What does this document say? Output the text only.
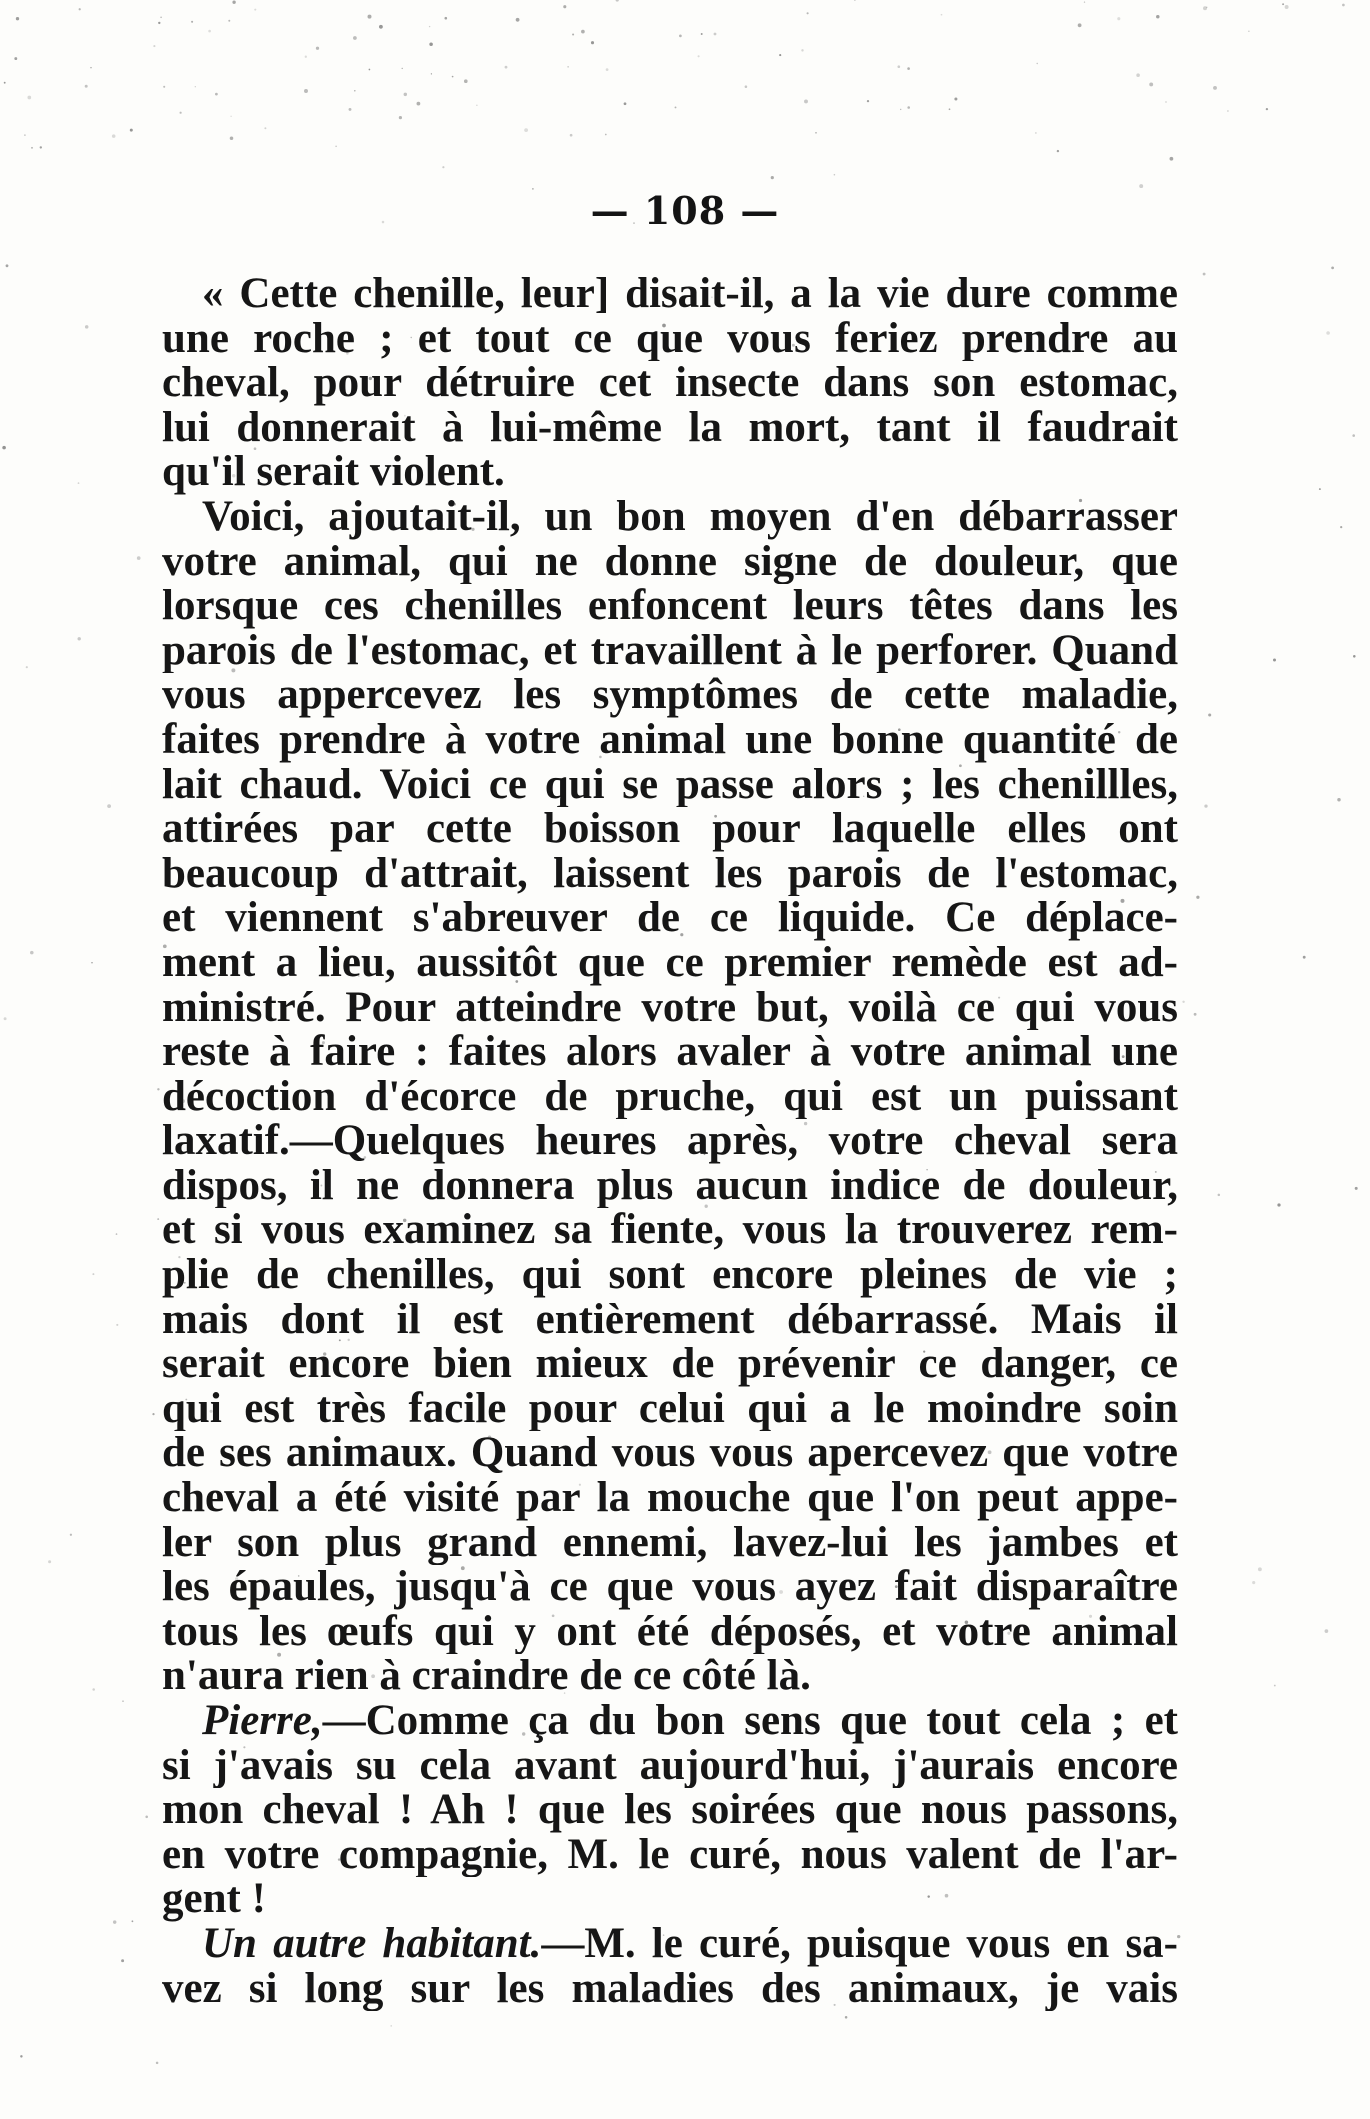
— 108 —
« Cette chenille, leur] disait-il, a la vie dure comme
une roche ; et tout ce que vous feriez prendre au
cheval, pour détruire cet insecte dans son estomac,
lui donnerait à lui-même la mort, tant il faudrait
qu'il serait violent.
Voici, ajoutait-il, un bon moyen d'en débarrasser
votre animal, qui ne donne signe de douleur, que
lorsque ces chenilles enfoncent leurs têtes dans les
parois de l'estomac, et travaillent à le perforer. Quand
vous appercevez les symptômes de cette maladie,
faites prendre à votre animal une bonne quantité de
lait chaud. Voici ce qui se passe alors ; les chenillles,
attirées par cette boisson pour laquelle elles ont
beaucoup d'attrait, laissent les parois de l'estomac,
et viennent s'abreuver de ce liquide. Ce déplace-
ment a lieu, aussitôt que ce premier remède est ad-
ministré. Pour atteindre votre but, voilà ce qui vous
reste à faire : faites alors avaler à votre animal une
décoction d'écorce de pruche, qui est un puissant
laxatif.—Quelques heures après, votre cheval sera
dispos, il ne donnera plus aucun indice de douleur,
et si vous examinez sa fiente, vous la trouverez rem-
plie de chenilles, qui sont encore pleines de vie ;
mais dont il est entièrement débarrassé. Mais il
serait encore bien mieux de prévenir ce danger, ce
qui est très facile pour celui qui a le moindre soin
de ses animaux. Quand vous vous apercevez que votre
cheval a été visité par la mouche que l'on peut appe-
ler son plus grand ennemi, lavez-lui les jambes et
les épaules, jusqu'à ce que vous ayez fait disparaître
tous les œufs qui y ont été déposés, et votre animal
n'aura rien à craindre de ce côté là.
Pierre,—Comme ça du bon sens que tout cela ; et
si j'avais su cela avant aujourd'hui, j'aurais encore
mon cheval ! Ah ! que les soirées que nous passons,
en votre compagnie, M. le curé, nous valent de l'ar-
gent !
Un autre habitant.—M. le curé, puisque vous en sa-
vez si long sur les maladies des animaux, je vais
